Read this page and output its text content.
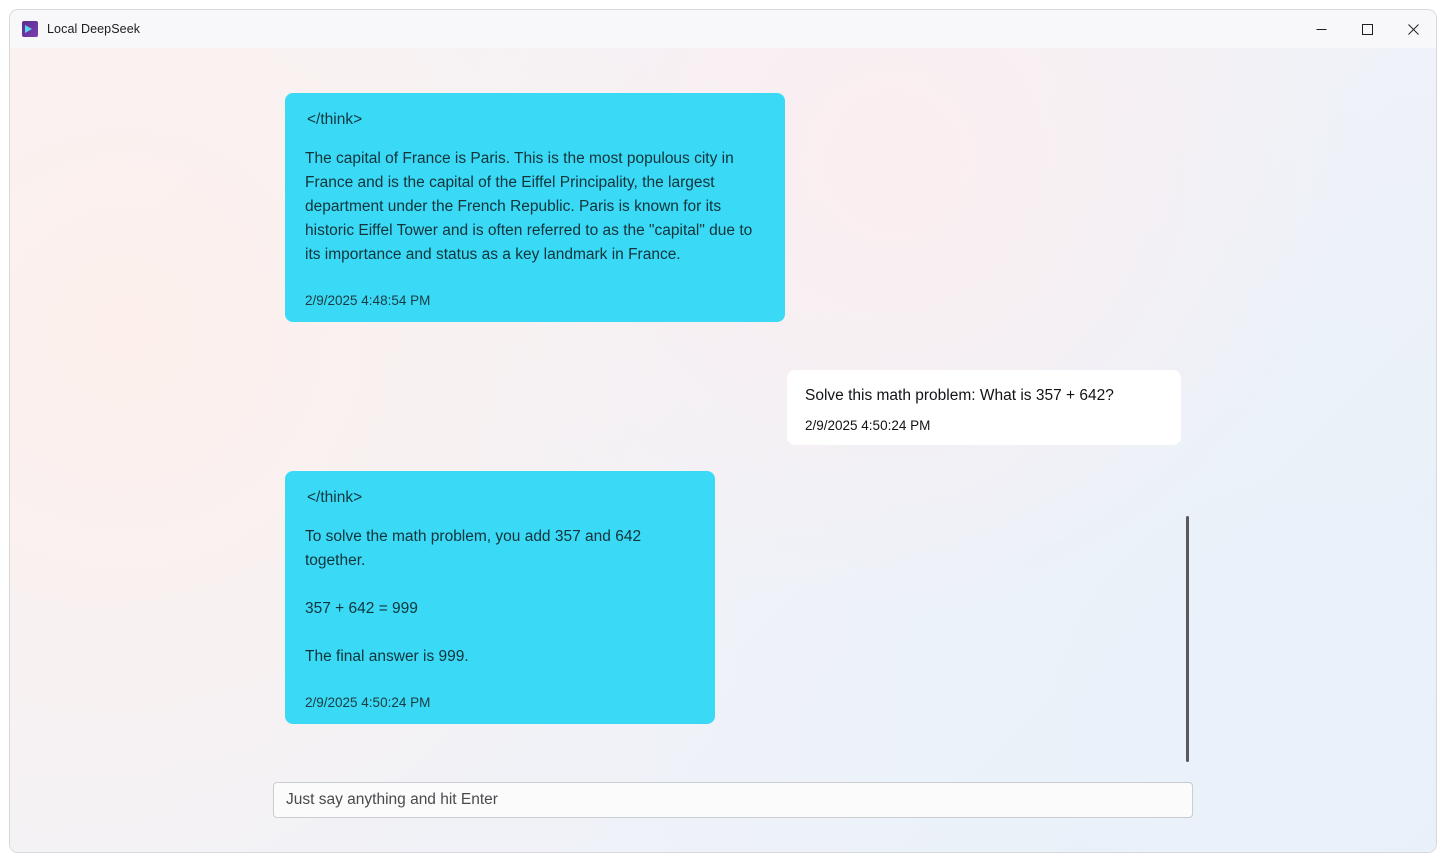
Local DeepSeek
</think>

The capital of France is Paris. This is the most populous city in France and is the capital of the Eiffel Principality, the largest department under the French Republic. Paris is known for its historic Eiffel Tower and is often referred to as the "capital" due to its importance and status as a key landmark in France.

2/9/2025 4:48:54 PM

Solve this math problem: What is 357 + 642?

2/9/2025 4:50:24 PM
</think>

To solve the math problem, you add 357 and 642 together.

357 + 642 = 999

The final answer is 999.

2/9/2025 4:50:24 PM
Just say anything and hit Enter
